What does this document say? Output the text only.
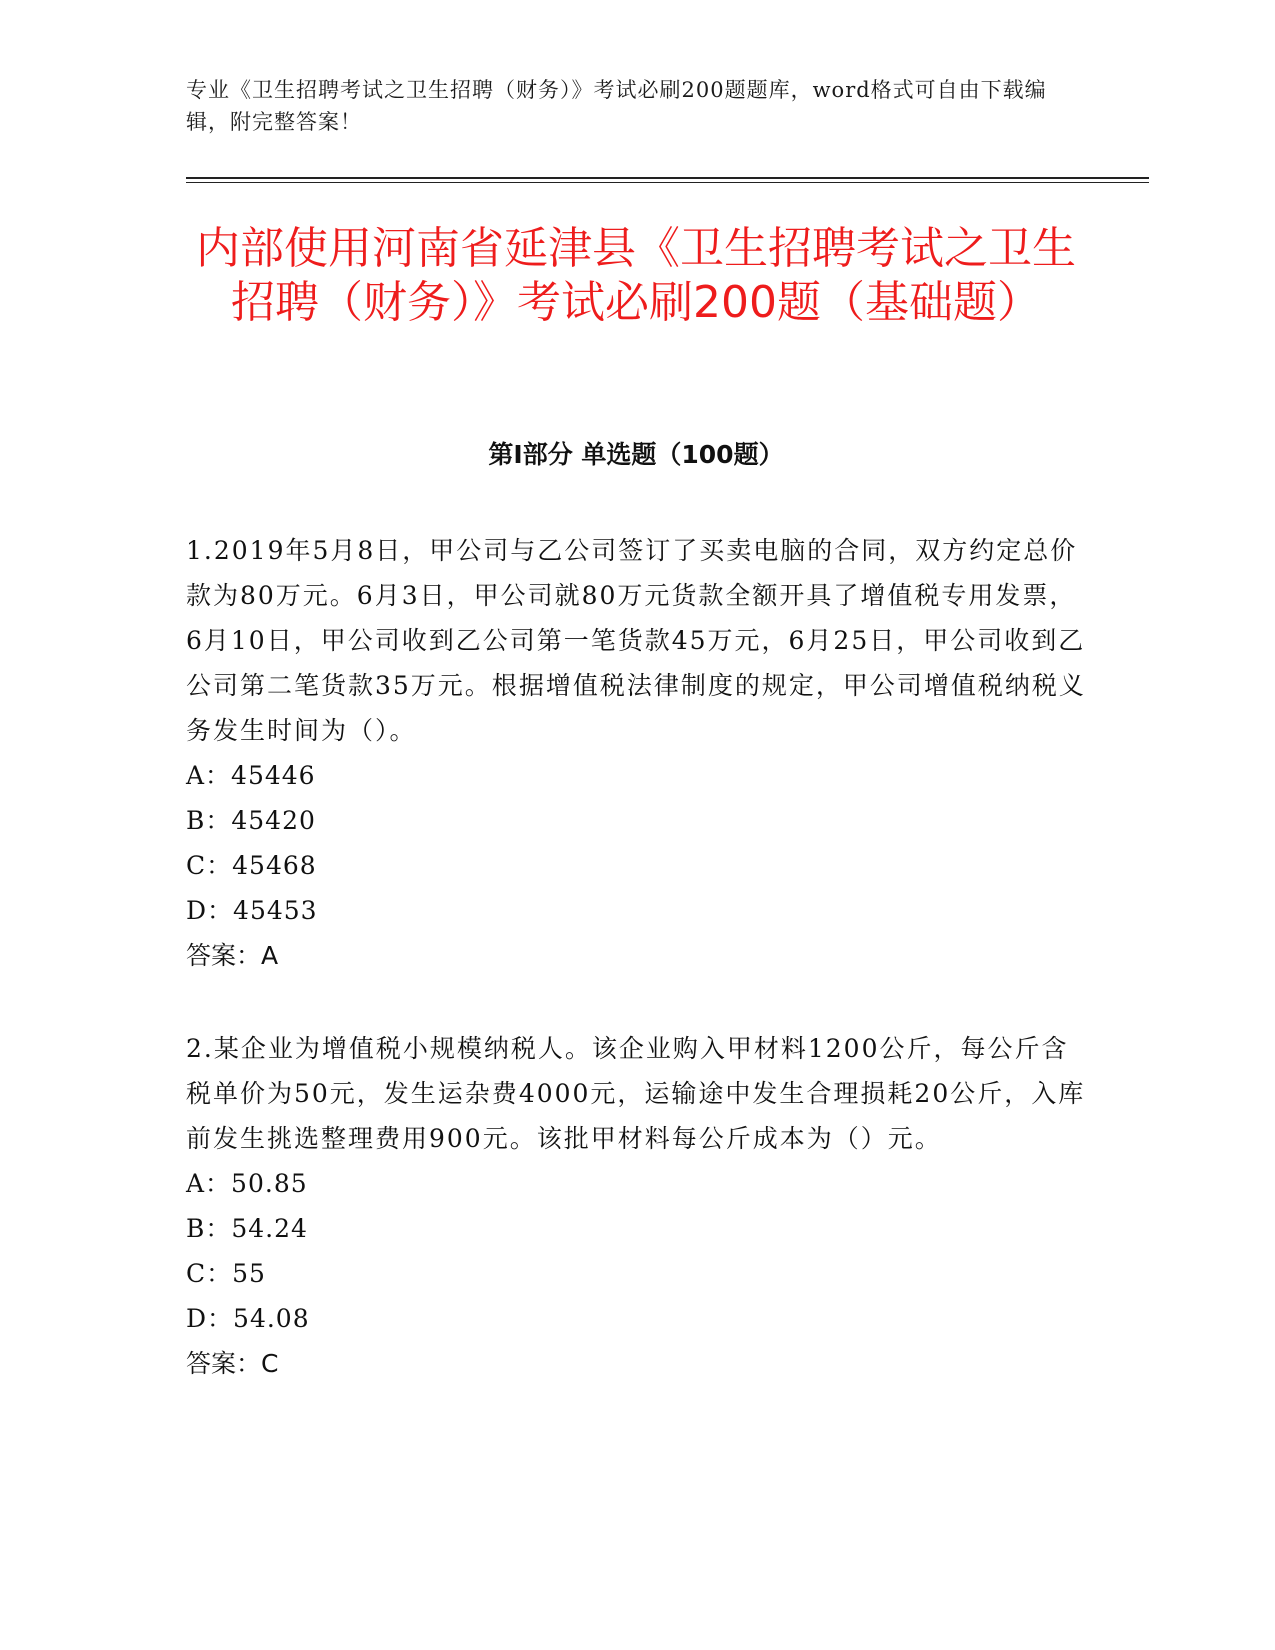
专业《卫生招聘考试之卫生招聘（财务）》考试必刷200题题库，word格式可自由下载编辑，附完整答案！
内部使用河南省延津县《卫生招聘考试之卫生招聘（财务）》考试必刷200题（基础题）
第I部分 单选题（100题）

1.2019年5月8日，甲公司与乙公司签订了买卖电脑的合同，双方约定总价款为80万元。6月3日，甲公司就80万元货款全额开具了增值税专用发票，6月10日，甲公司收到乙公司第一笔货款45万元，6月25日，甲公司收到乙公司第二笔货款35万元。根据增值税法律制度的规定，甲公司增值税纳税义务发生时间为（）。

A：45446
B：45420
C：45468
D：45453
答案：A

2.某企业为增值税小规模纳税人。该企业购入甲材料1200公斤，每公斤含税单价为50元，发生运杂费4000元，运输途中发生合理损耗20公斤，入库前发生挑选整理费用900元。该批甲材料每公斤成本为（）元。

A：50.85
B：54.24
C：55
D：54.08
答案：C
